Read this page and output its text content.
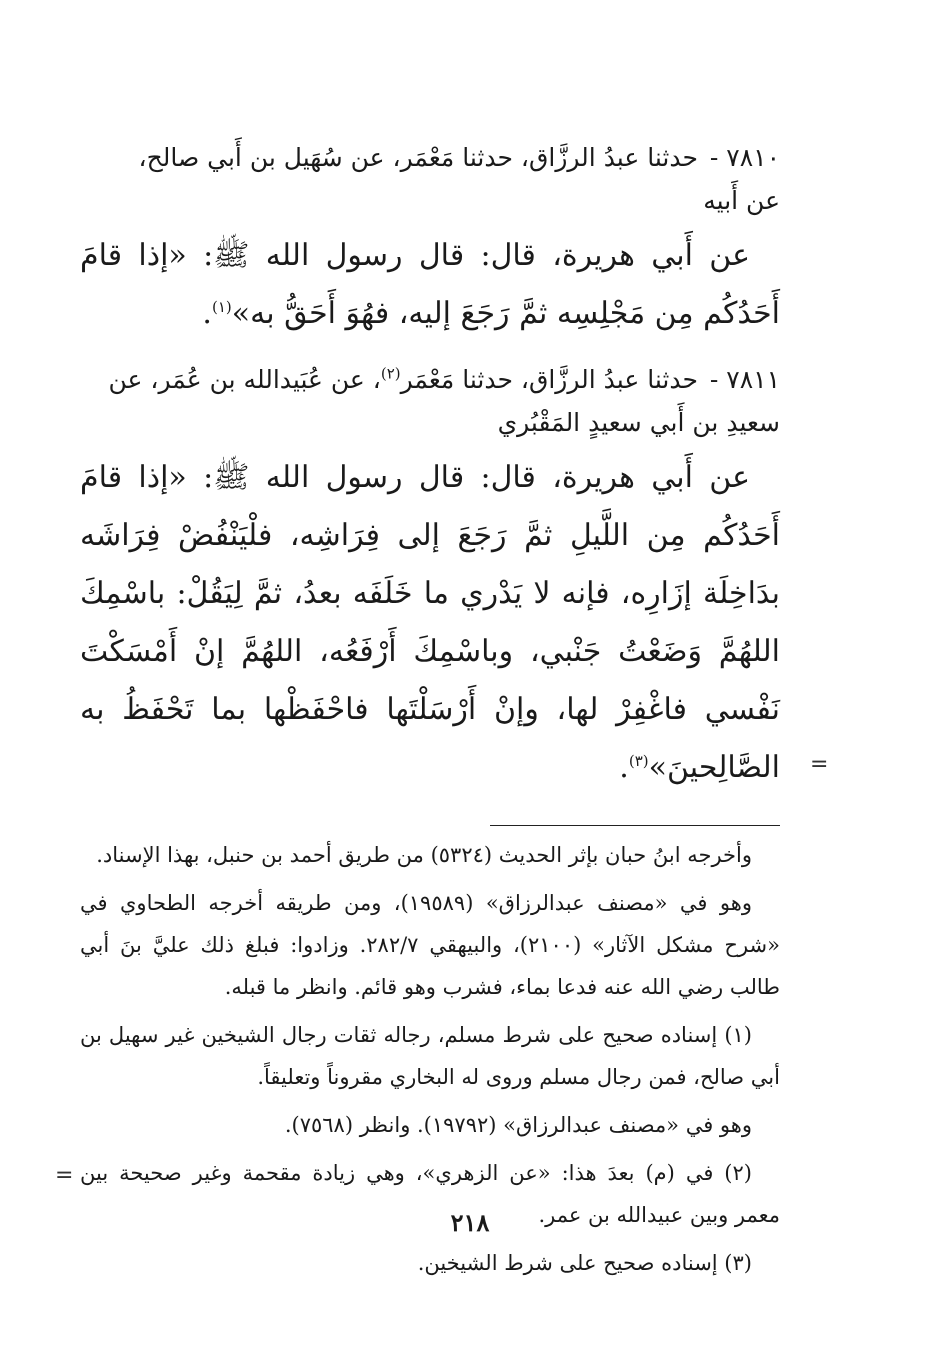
٧٨١٠ - حدثنا عبدُ الرزَّاق، حدثنا مَعْمَر، عن سُهَيل بن أَبي صالح،

عن أَبيه

عن أَبي هريرة، قال: قال رسول الله ﷺ: «إذا قامَ أَحَدُكُم مِن مَجْلِسِه ثمَّ رَجَعَ إليه، فهُوَ أَحَقُّ به»$^{(١)}$.

٧٨١١ - حدثنا عبدُ الرزَّاق، حدثنا مَعْمَر$^{(٢)}$، عن عُبَيدالله بن عُمَر، عن

سعيدِ بن أَبي سعيدٍ المَقْبُري

عن أَبي هريرة، قال: قال رسول الله ﷺ: «إذا قامَ أَحَدُكُم مِن اللَّيلِ ثمَّ رَجَعَ إلى فِرَاشِه، فلْيَنْفُضْ فِرَاشَه بدَاخِلَة إزَارِه، فإنه لا يَدْري ما خَلَفَه بعدُ، ثمَّ لِيَقُلْ: باسْمِكَ اللهُمَّ وَضَعْتُ جَنْبي، وباسْمِكَ أَرْفَعُه، اللهُمَّ إنْ أَمْسَكْتَ نَفْسي فاغْفِرْ لها، وإنْ أَرْسَلْتَها فاحْفَظْها بما تَحْفَظُ به الصَّالِحينَ»$^{(٣)}$.

وأخرجه ابنُ حبان بإثر الحديث (٥٣٢٤) من طريق أحمد بن حنبل، بهذا الإسناد.

وهو في «مصنف عبدالرزاق» (١٩٥٨٩)، ومن طريقه أخرجه الطحاوي في «شرح مشكل الآثار» (٢١٠٠)، والبيهقي ٢٨٢/٧. وزادوا: فبلغ ذلك عليَّ بنَ أبي طالب رضي الله عنه فدعا بماء، فشرب وهو قائم. وانظر ما قبله.

(١) إسناده صحيح على شرط مسلم، رجاله ثقات رجال الشيخين غير سهيل بن أبي صالح، فمن رجال مسلم وروى له البخاري مقروناً وتعليقاً.

وهو في «مصنف عبدالرزاق» (١٩٧٩٢). وانظر (٧٥٦٨).

(٢) في (م) بعدَ هذا: «عن الزهري»، وهي زيادة مقحمة وغير صحيحة بين معمر وبين عبيدالله بن عمر.

(٣) إسناده صحيح على شرط الشيخين.

=
=
٢١٨
